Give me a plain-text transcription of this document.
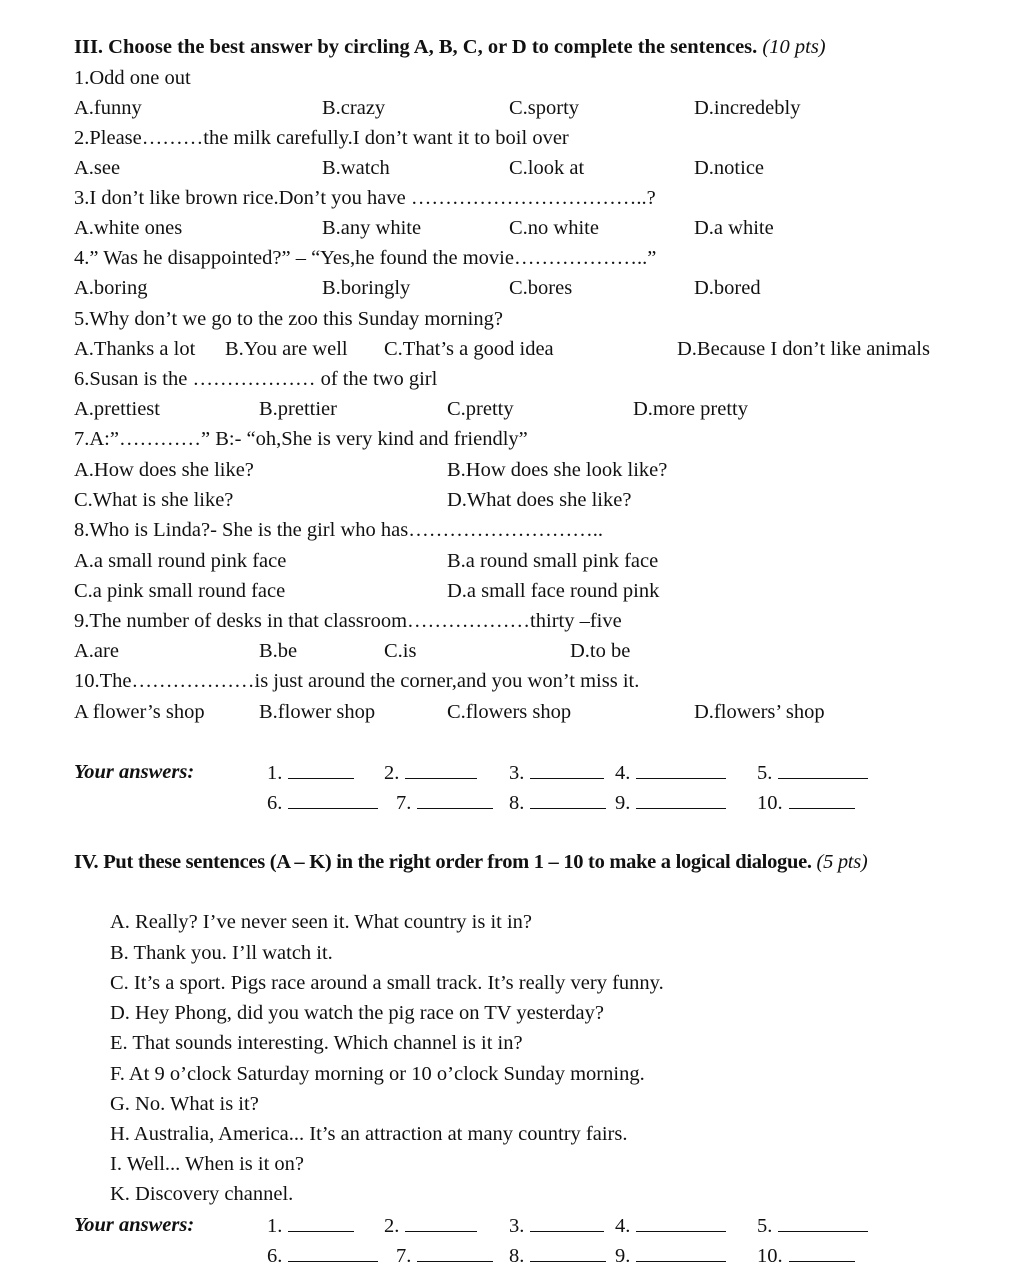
III. Choose the best answer by circling A, B, C, or D to complete the sentences. (10 pts)
1.Odd one out
A.funny	B.crazy	C.sporty	D.incredebly
2.Please………the milk carefully.I don’t want it to boil over
A.see	B.watch	C.look at	D.notice
3.I don’t like brown rice.Don’t you have ……………………………..?
A.white ones	B.any white	C.no white	D.a white
4.” Was he disappointed?” – “Yes,he found the movie………………..”
A.boring	B.boringly	C.bores	D.bored
5.Why don’t we go to the zoo this Sunday morning?
A.Thanks a lot B.You are well C.That’s a good idea	D.Because I don’t like animals
6.Susan is the ……………… of the two girl
A.prettiest	B.prettier	C.pretty	D.more pretty
7.A:”…………” B:- “oh,She is very kind and friendly”
A.How does she like?	B.How does she look like?
C.What is she like?	D.What does she like?
8.Who is Linda?- She is the girl who has………………………..
A.a small round pink face	B.a round small pink face
C.a pink small round face	D.a small face round pink
9.The number of desks in that classroom………………thirty –five
A.are	B.be	C.is	D.to be
10.The………………is just around the corner,and you won’t miss it.
A flower’s shop	B.flower shop	C.flowers shop	D.flowers’ shop
Your answers:	1.	2.	3.	4.	5.
6.	7.	8.	9.	10.
IV. Put these sentences (A – K) in the right order from 1 – 10 to make a logical dialogue. (5 pts)
A. Really? I’ve never seen it. What country is it in?
B. Thank you. I’ll watch it.
C. It’s a sport. Pigs race around a small track. It’s really very funny.
D. Hey Phong, did you watch the pig race on TV yesterday?
E. That sounds interesting. Which channel is it in?
F. At 9 o’clock Saturday morning or 10 o’clock Sunday morning.
G. No. What is it?
H. Australia, America... It’s an attraction at many country fairs.
I. Well... When is it on?
K. Discovery channel.
Your answers:	1.	2.	3.	4.	5.
6.	7.	8.	9.	10.
